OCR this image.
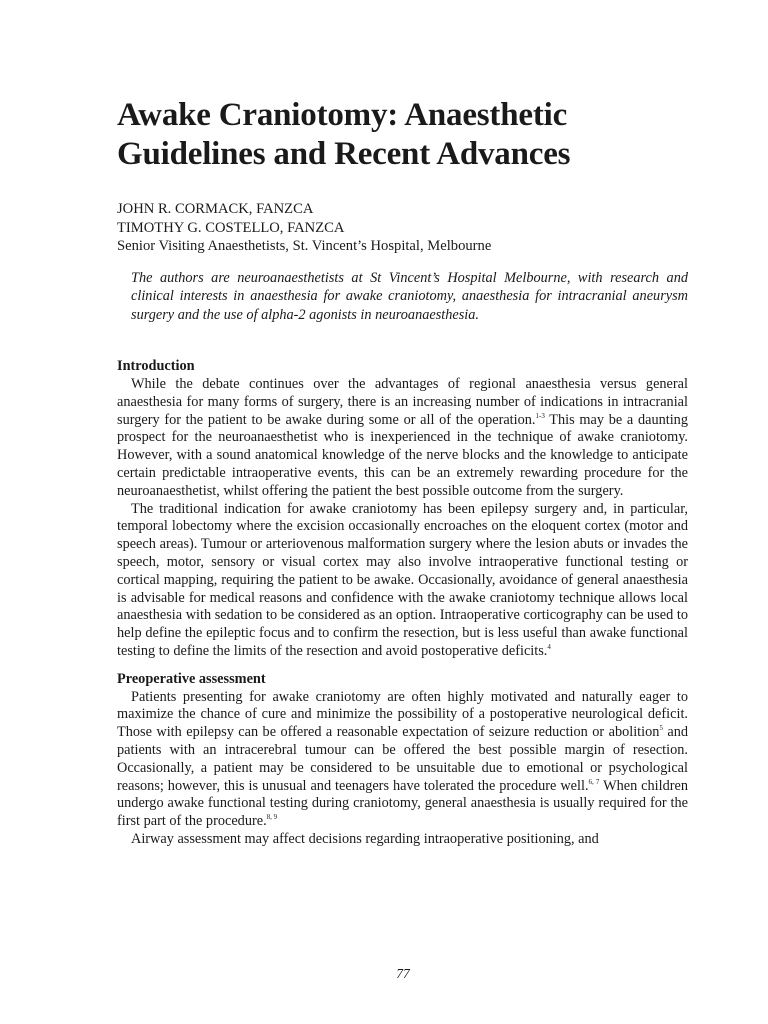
Awake Craniotomy: Anaesthetic
Guidelines and Recent Advances
JOHN R. CORMACK, FANZCA
TIMOTHY G. COSTELLO, FANZCA
Senior Visiting Anaesthetists, St. Vincent’s Hospital, Melbourne

The authors are neuroanaesthetists at St Vincent’s Hospital Melbourne, with research and clinical interests in anaesthesia for awake craniotomy, anaesthesia for intracranial aneurysm surgery and the use of alpha-2 agonists in neuroanaesthesia.

Introduction

While the debate continues over the advantages of regional anaesthesia versus general anaesthesia for many forms of surgery, there is an increasing number of indications in intracranial surgery for the patient to be awake during some or all of the operation.$^{1-3}$ This may be a daunting prospect for the neuroanaesthetist who is inexperienced in the technique of awake craniotomy. However, with a sound anatomical knowledge of the nerve blocks and the knowledge to anticipate certain predictable intraoperative events, this can be an extremely rewarding procedure for the neuroanaesthetist, whilst offering the patient the best possible outcome from the surgery.

The traditional indication for awake craniotomy has been epilepsy surgery and, in particular, temporal lobectomy where the excision occasionally encroaches on the eloquent cortex (motor and speech areas). Tumour or arteriovenous malformation surgery where the lesion abuts or invades the speech, motor, sensory or visual cortex may also involve intraoperative functional testing or cortical mapping, requiring the patient to be awake. Occasionally, avoidance of general anaesthesia is advisable for medical reasons and confidence with the awake craniotomy technique allows local anaesthesia with sedation to be considered as an option. Intraoperative corticography can be used to help define the epileptic focus and to confirm the resection, but is less useful than awake functional testing to define the limits of the resection and avoid postoperative deficits.$^4$

Preoperative assessment

Patients presenting for awake craniotomy are often highly motivated and naturally eager to maximize the chance of cure and minimize the possibility of a postoperative neurological deficit. Those with epilepsy can be offered a reasonable expectation of seizure reduction or abolition$^5$ and patients with an intracerebral tumour can be offered the best possible margin of resection. Occasionally, a patient may be considered to be unsuitable due to emotional or psychological reasons; however, this is unusual and teenagers have tolerated the procedure well.$^{6, 7}$ When children undergo awake functional testing during craniotomy, general anaesthesia is usually required for the first part of the procedure.$^{8, 9}$

Airway assessment may affect decisions regarding intraoperative positioning, and

77
